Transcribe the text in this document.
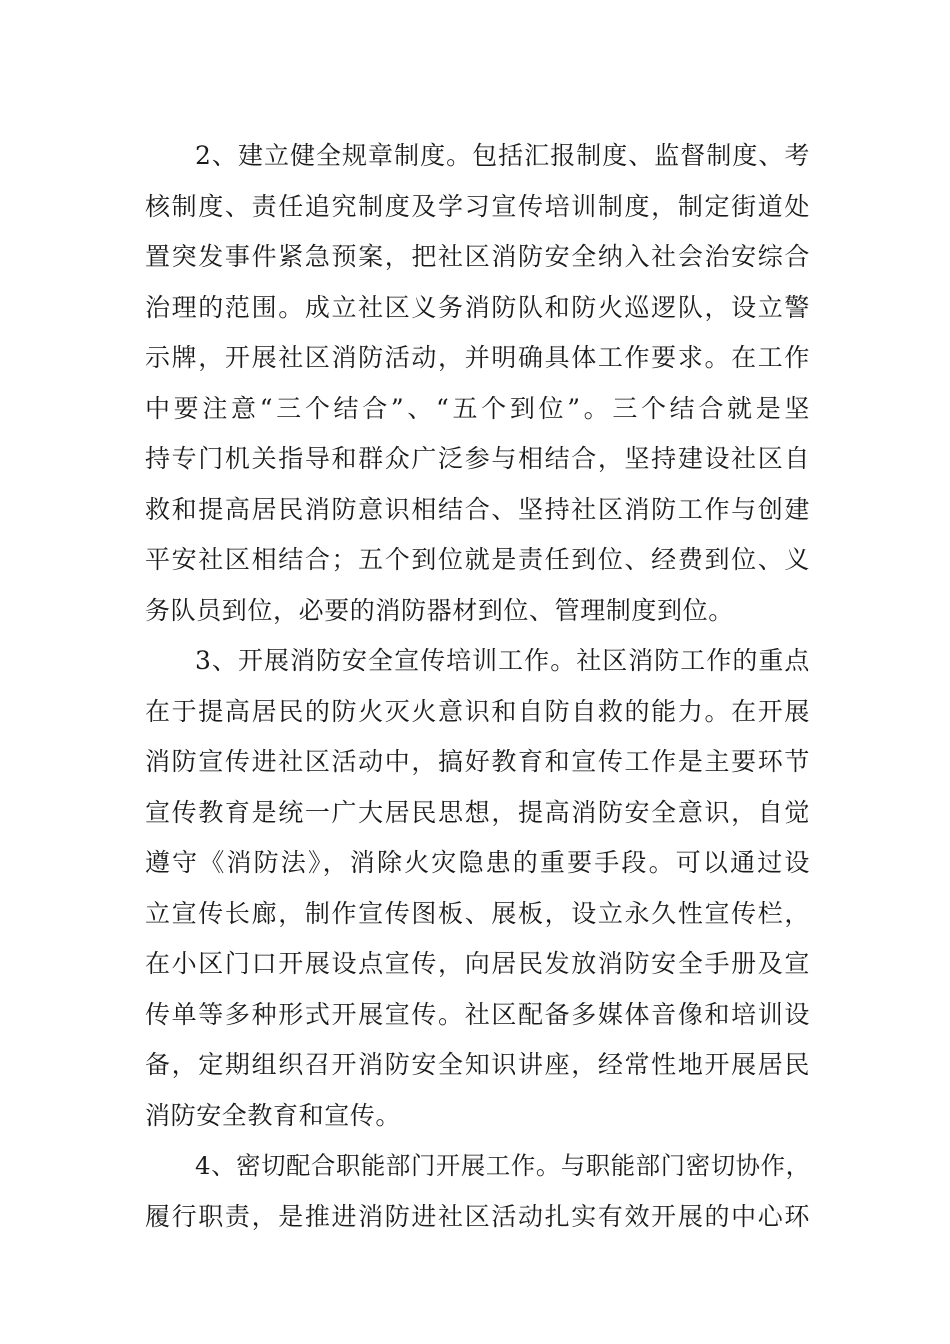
2、建立健全规章制度。包括汇报制度、监督制度、考
核制度、责任追究制度及学习宣传培训制度，制定街道处
置突发事件紧急预案，把社区消防安全纳入社会治安综合
治理的范围。成立社区义务消防队和防火巡逻队，设立警
示牌，开展社区消防活动，并明确具体工作要求。在工作
中要注意“三个结合”、“五个到位”。三个结合就是坚
持专门机关指导和群众广泛参与相结合，坚持建设社区自
救和提高居民消防意识相结合、坚持社区消防工作与创建
平安社区相结合；五个到位就是责任到位、经费到位、义
务队员到位，必要的消防器材到位、管理制度到位。
3、开展消防安全宣传培训工作。社区消防工作的重点
在于提高居民的防火灭火意识和自防自救的能力。在开展
消防宣传进社区活动中，搞好教育和宣传工作是主要环节
宣传教育是统一广大居民思想，提高消防安全意识，自觉
遵守《消防法》，消除火灾隐患的重要手段。可以通过设
立宣传长廊，制作宣传图板、展板，设立永久性宣传栏，
在小区门口开展设点宣传，向居民发放消防安全手册及宣
传单等多种形式开展宣传。社区配备多媒体音像和培训设
备，定期组织召开消防安全知识讲座，经常性地开展居民
消防安全教育和宣传。
4、密切配合职能部门开展工作。与职能部门密切协作，
履行职责，是推进消防进社区活动扎实有效开展的中心环
